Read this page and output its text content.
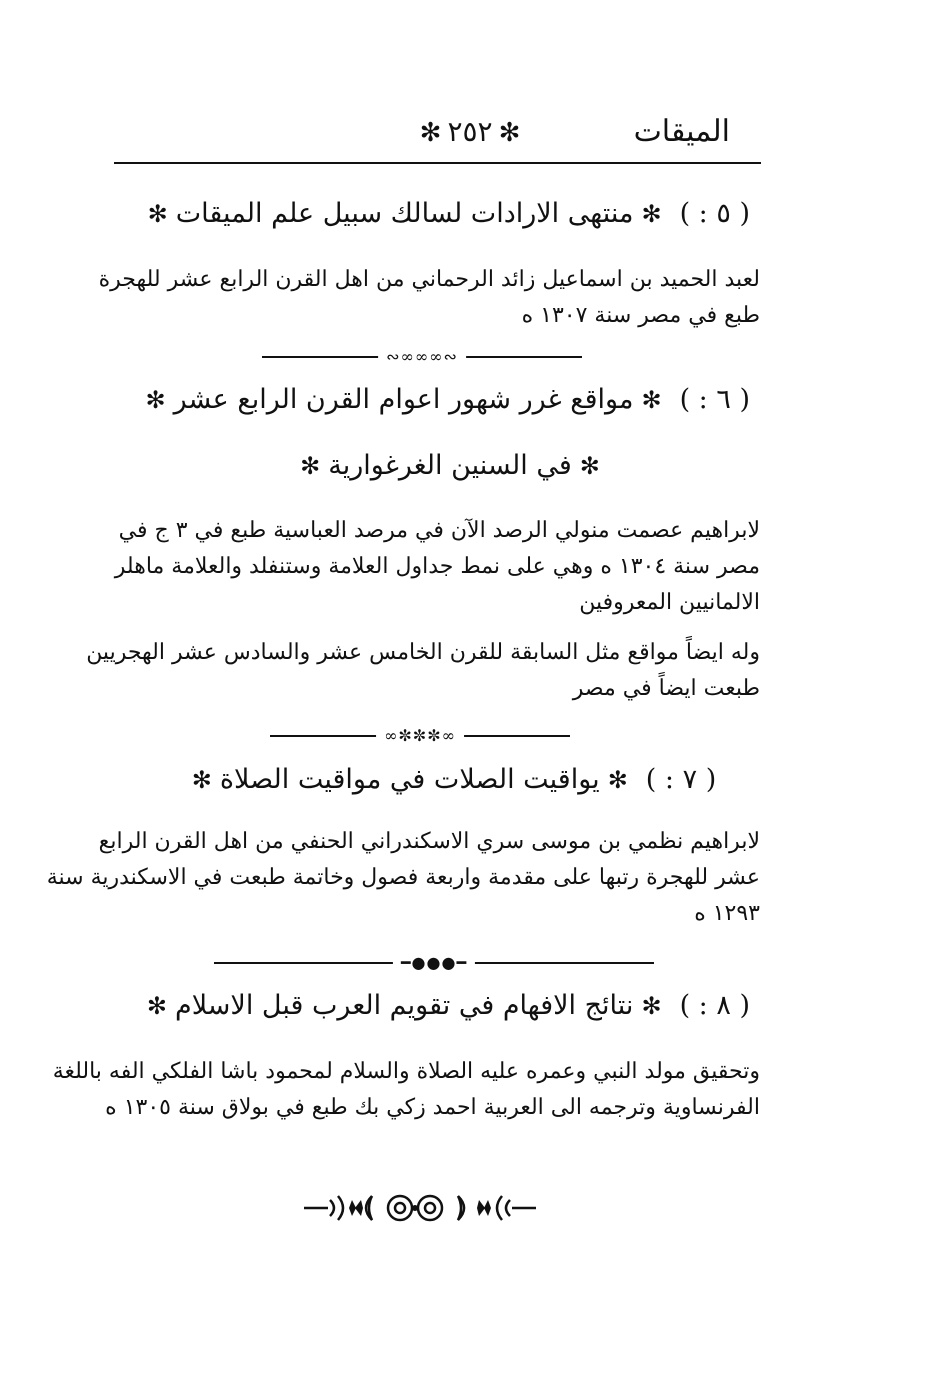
الميقات
✻٢٥٢✻
( ٥ : )✻منتهى الارادات لسالك سبيل علم الميقات✻
لعبد الحميد بن اسماعيل زائد الرحماني من اهل القرن الرابع عشر للهجرة
طبع في مصر سنة ١٣٠٧ ه
∾∞∞∞∾
( ٦ : )✻مواقع غرر شهور اعوام القرن الرابع عشر✻
✻في السنين الغرغوارية✻
لابراهيم عصمت منولي الرصد الآن في مرصد العباسية طبع في ٣ ج في
مصر سنة ١٣٠٤ ه وهي على نمط جداول العلامة وستنفلد والعلامة ماهلر
الالمانيين المعروفين
وله ايضاً مواقع مثل السابقة للقرن الخامس عشر والسادس عشر الهجريين
طبعت ايضاً في مصر
∞✼✼✼∞
( ٧ : )✻يواقيت الصلات في مواقيت الصلاة✻
لابراهيم نظمي بن موسى سري الاسكندراني الحنفي من اهل القرن الرابع
عشر للهجرة رتبها على مقدمة واربعة فصول وخاتمة طبعت في الاسكندرية سنة
١٢٩٣ ه
━●●●━
( ٨ : )✻نتائج الافهام في تقويم العرب قبل الاسلام✻
وتحقيق مولد النبي وعمره عليه الصلاة والسلام لمحمود باشا الفلكي الفه باللغة
الفرنساوية وترجمه الى العربية احمد زكي بك طبع في بولاق سنة ١٣٠٥ ه
